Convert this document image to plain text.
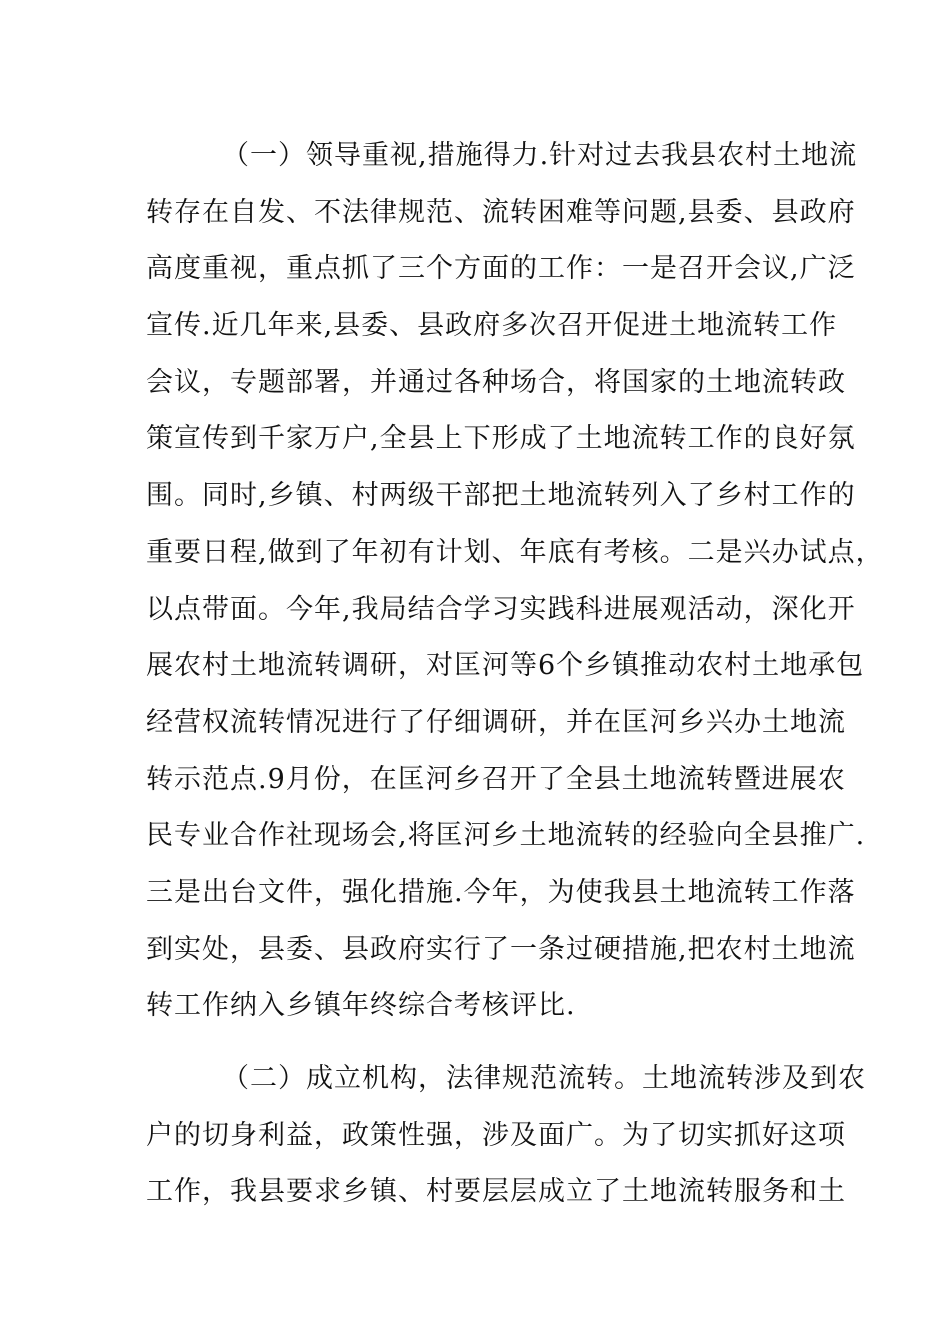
（一）领导重视,措施得力.针对过去我县农村土地流
转存在自发、不法律规范、流转困难等问题,县委、县政府
高度重视，重点抓了三个方面的工作：一是召开会议,广泛
宣传.近几年来,县委、县政府多次召开促进土地流转工作
会议，专题部署，并通过各种场合，将国家的土地流转政
策宣传到千家万户,全县上下形成了土地流转工作的良好氛
围。同时,乡镇、村两级干部把土地流转列入了乡村工作的
重要日程,做到了年初有计划、年底有考核。二是兴办试点，
以点带面。今年,我局结合学习实践科进展观活动，深化开
展农村土地流转调研，对匡河等6个乡镇推动农村土地承包
经营权流转情况进行了仔细调研，并在匡河乡兴办土地流
转示范点.9月份，在匡河乡召开了全县土地流转暨进展农
民专业合作社现场会,将匡河乡土地流转的经验向全县推广.
三是出台文件，强化措施.今年，为使我县土地流转工作落
到实处，县委、县政府实行了一条过硬措施,把农村土地流
转工作纳入乡镇年终综合考核评比.
（二）成立机构，法律规范流转。土地流转涉及到农
户的切身利益，政策性强，涉及面广。为了切实抓好这项
工作，我县要求乡镇、村要层层成立了土地流转服务和土
